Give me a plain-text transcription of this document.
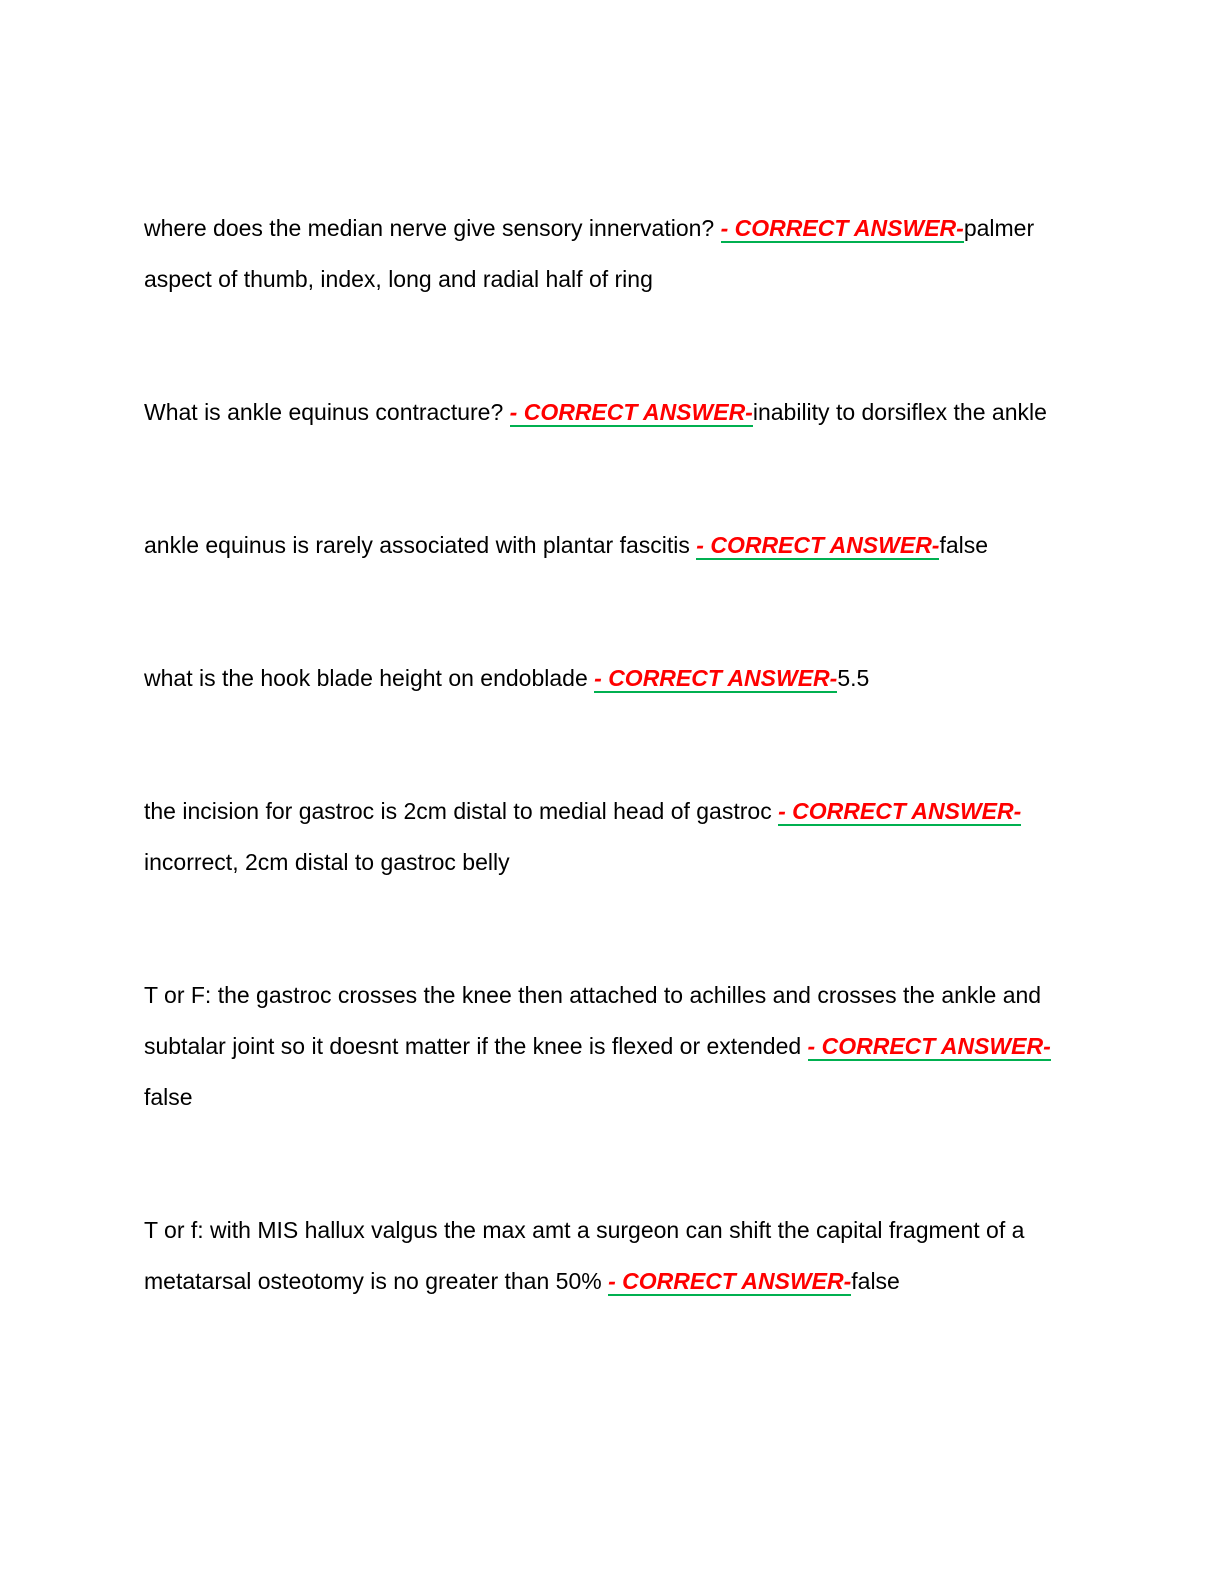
where does the median nerve give sensory innervation? - CORRECT ANSWER-palmer aspect of thumb, index, long and radial half of ring

What is ankle equinus contracture? - CORRECT ANSWER-inability to dorsiflex the ankle

ankle equinus is rarely associated with plantar fascitis - CORRECT ANSWER-false

what is the hook blade height on endoblade - CORRECT ANSWER-5.5

the incision for gastroc is 2cm distal to medial head of gastroc - CORRECT ANSWER-incorrect, 2cm distal to gastroc belly

T or F: the gastroc crosses the knee then attached to achilles and crosses the ankle and subtalar joint so it doesnt matter if the knee is flexed or extended - CORRECT ANSWER-false

T or f: with MIS hallux valgus the max amt a surgeon can shift the capital fragment of a metatarsal osteotomy is no greater than 50% - CORRECT ANSWER-false
